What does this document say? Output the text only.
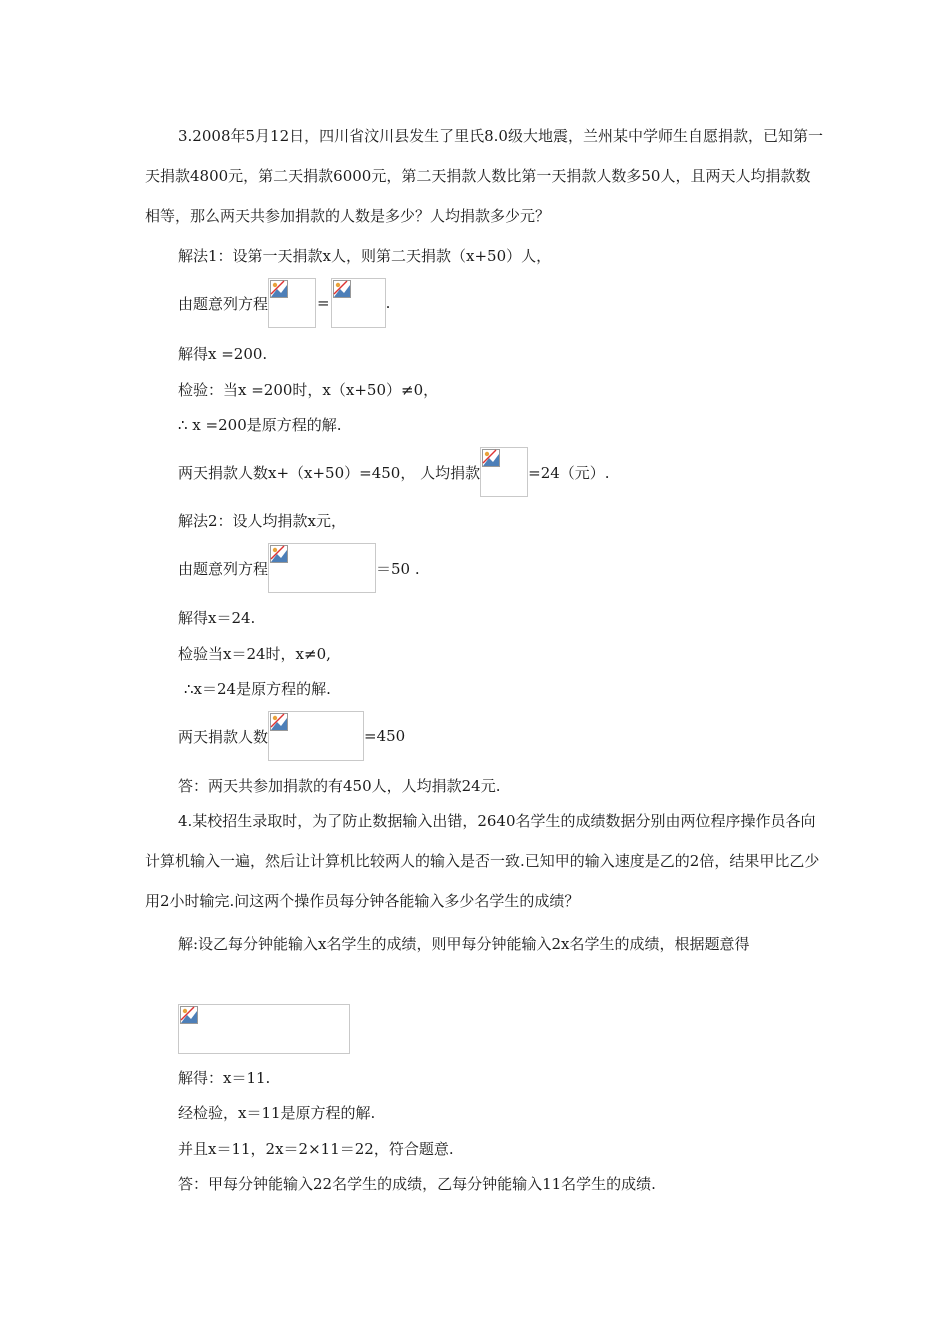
3.2008年5月12日，四川省汶川县发生了里氏8.0级大地震，兰州某中学师生自愿捐款，已知第一天捐款4800元，第二天捐款6000元，第二天捐款人数比第一天捐款人数多50人，且两天人均捐款数相等，那么两天共参加捐款的人数是多少？人均捐款多少元？
解法1：设第一天捐款x人，则第二天捐款（x+50）人，
由题意列方程	=	.
解得x =200.
检验：当x =200时，x（x+50）≠0，
∴ x =200是原方程的解.
两天捐款人数x+（x+50）=450， 人均捐款	=24（元）.
解法2：设人均捐款x元，
由题意列方程	＝50 .
解得x＝24.
检验当x＝24时，x≠0,
∴x＝24是原方程的解.
两天捐款人数	=450
答：两天共参加捐款的有450人，人均捐款24元.
4.某校招生录取时，为了防止数据输入出错，2640名学生的成绩数据分别由两位程序操作员各向计算机输入一遍，然后让计算机比较两人的输入是否一致.已知甲的输入速度是乙的2倍，结果甲比乙少用2小时输完.问这两个操作员每分钟各能输入多少名学生的成绩？
解:设乙每分钟能输入x名学生的成绩，则甲每分钟能输入2x名学生的成绩，根据题意得
解得：x＝11.
经检验，x＝11是原方程的解.
并且x＝11，2x＝2×11＝22，符合题意.
答：甲每分钟能输入22名学生的成绩，乙每分钟能输入11名学生的成绩.
